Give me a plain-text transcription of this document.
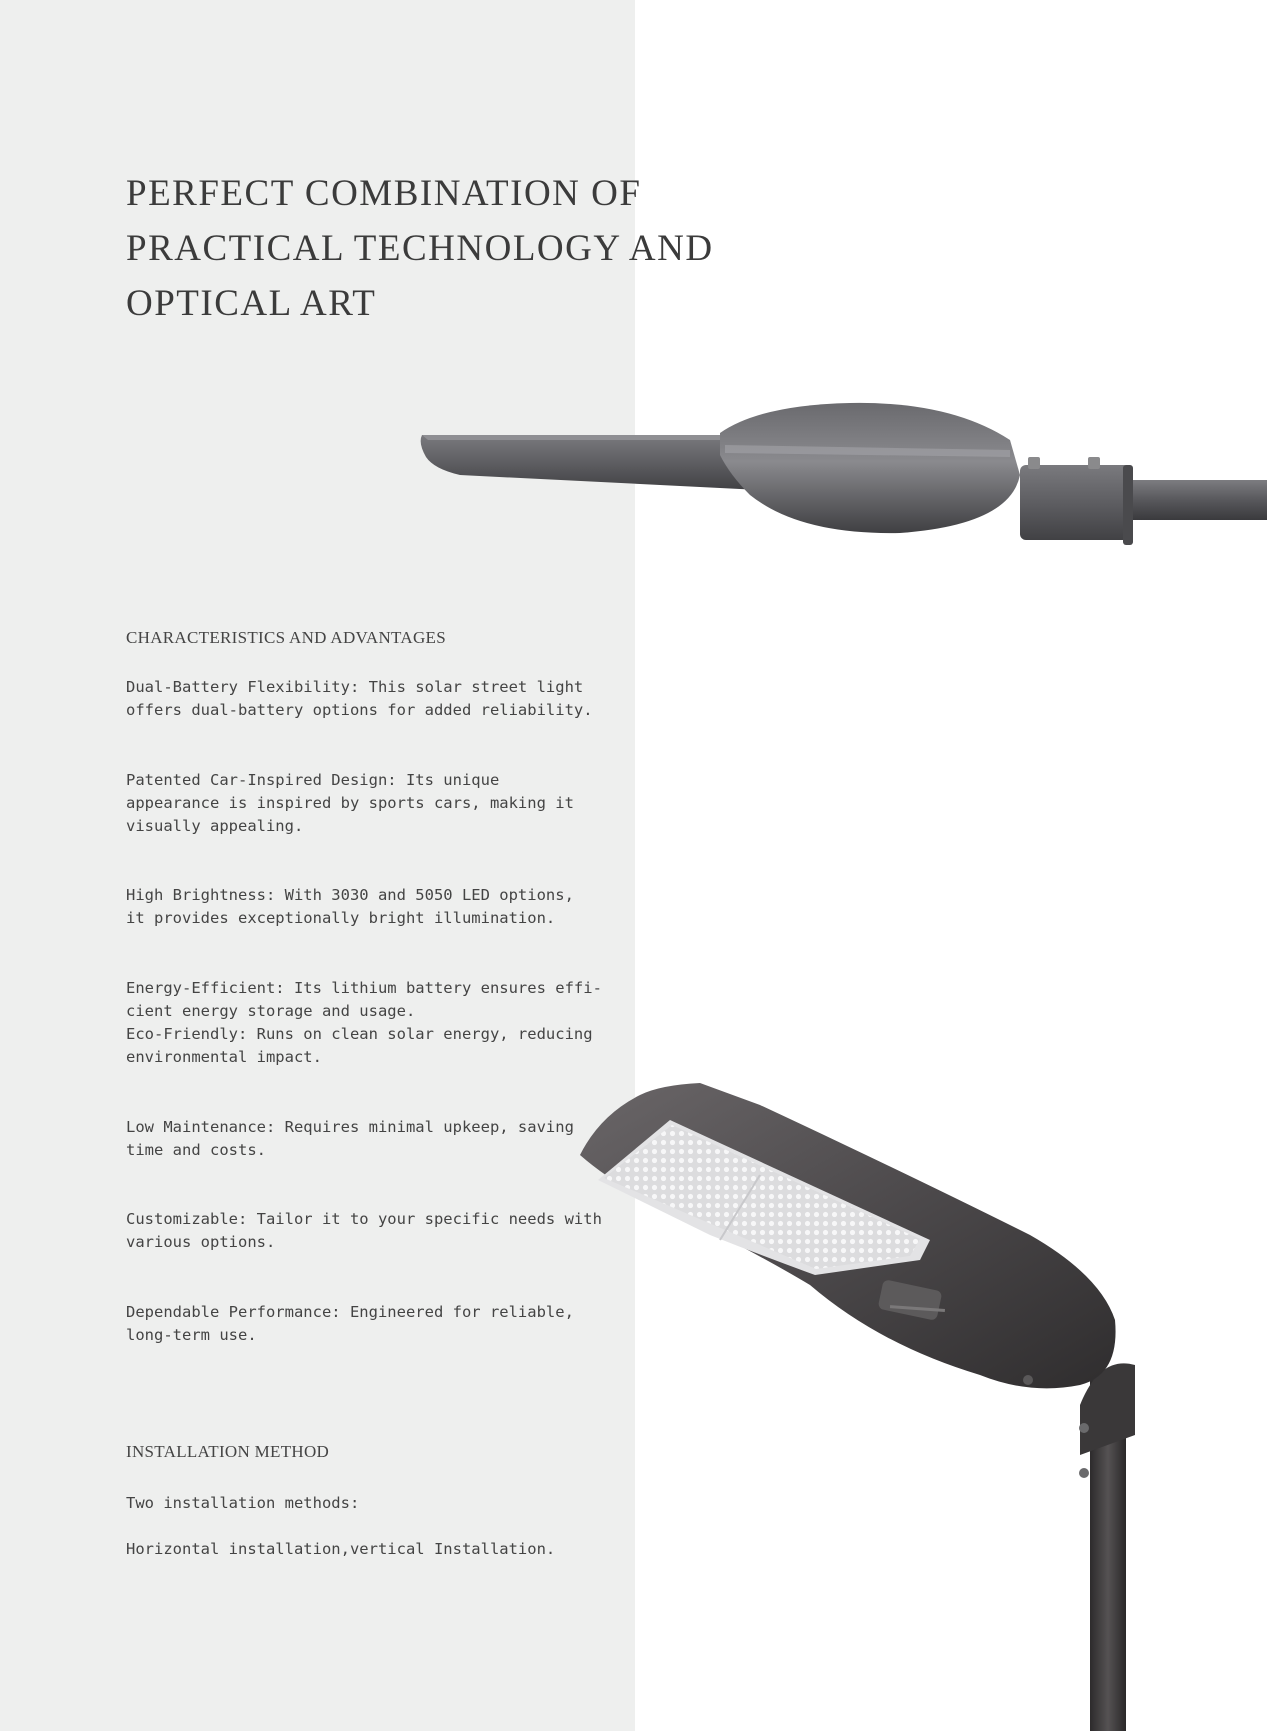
PERFECT COMBINATION OF
PRACTICAL TECHNOLOGY AND
OPTICAL ART
CHARACTERISTICS AND ADVANTAGES

Dual-Battery Flexibility: This solar street light
offers dual-battery options for added reliability.

Patented Car-Inspired Design: Its unique
appearance is inspired by sports cars, making it
visually appealing.

High Brightness: With 3030 and 5050 LED options,
it provides exceptionally bright illumination.

Energy-Efficient: Its lithium battery ensures effi-
cient energy storage and usage.
Eco-Friendly: Runs on clean solar energy, reducing
environmental impact.

Low Maintenance: Requires minimal upkeep, saving
time and costs.

Customizable: Tailor it to your specific needs with
various options.

Dependable Performance: Engineered for reliable,
long-term use.

INSTALLATION METHOD

Two installation methods:

Horizontal installation,vertical Installation.
